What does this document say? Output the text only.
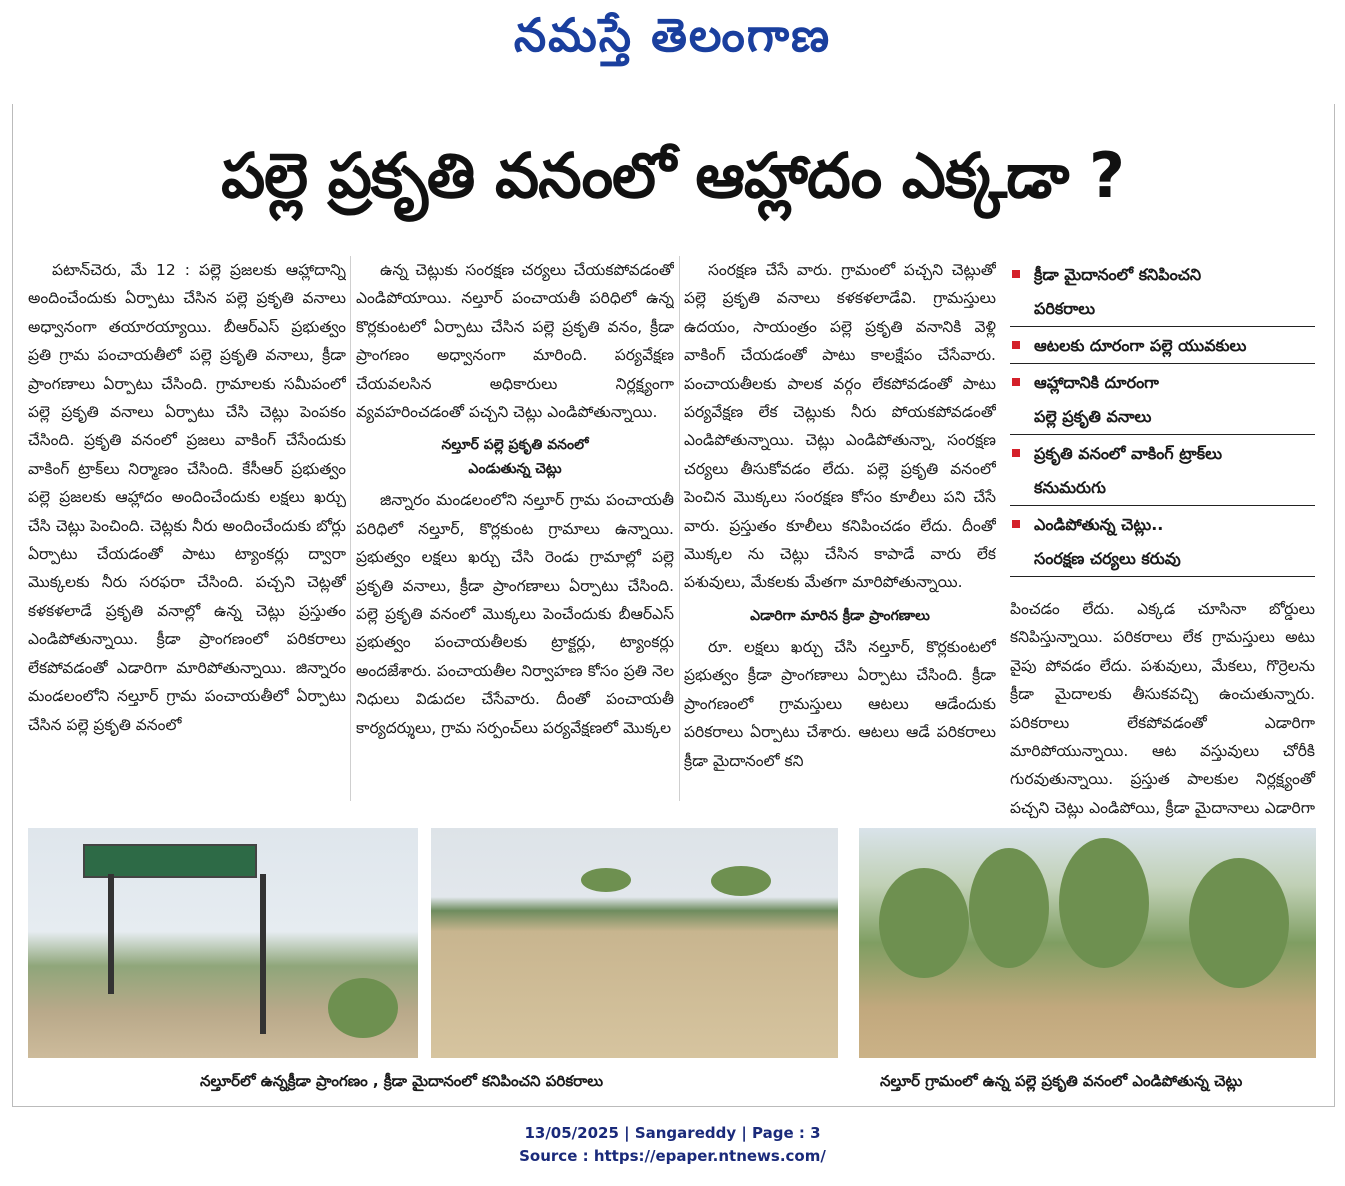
నమస్తే తెలంగాణ
పల్లె ప్రకృతి వనంలో ఆహ్లాదం ఎక్కడా ?

పటాన్‌చెరు, మే 12 : పల్లె ప్రజలకు ఆహ్లాదాన్ని అందించేందుకు ఏర్పాటు చేసిన పల్లె ప్రకృతి వనాలు అధ్వానంగా తయారయ్యాయి. బీఆర్‌ఎస్ ప్రభుత్వం ప్రతి గ్రామ పంచాయతీలో పల్లె ప్రకృతి వనాలు, క్రీడా ప్రాంగణాలు ఏర్పాటు చేసింది. గ్రామాలకు సమీపంలో పల్లె ప్రకృతి వనాలు ఏర్పాటు చేసి చెట్లు పెంపకం చేసింది. ప్రకృతి వనంలో ప్రజలు వాకింగ్ చేసేందుకు వాకింగ్ ట్రాక్‌లు నిర్మాణం చేసింది. కేసీఆర్ ప్రభుత్వం పల్లె ప్రజలకు ఆహ్లాదం అందించేందుకు లక్షలు ఖర్చు చేసి చెట్లు పెంచింది. చెట్లకు నీరు అందించేందుకు బోర్లు ఏర్పాటు చేయడంతో పాటు ట్యాంకర్లు ద్వారా మొక్కలకు నీరు సరఫరా చేసింది. పచ్చని చెట్లతో కళకళలాడే ప్రకృతి వనాల్లో ఉన్న చెట్లు ప్రస్తుతం ఎండిపోతున్నాయి. క్రీడా ప్రాంగణంలో పరికరాలు లేకపోవడంతో ఎడారిగా మారిపోతున్నాయి. జిన్నారం మండలంలోని నల్తూర్ గ్రామ పంచాయతీలో ఏర్పాటు చేసిన పల్లె ప్రకృతి వనంలో

ఉన్న చెట్లుకు సంరక్షణ చర్యలు చేయకపోవడంతో ఎండిపోయాయి. నల్తూర్ పంచాయతీ పరిధిలో ఉన్న కొర్లకుంటలో ఏర్పాటు చేసిన పల్లె ప్రకృతి వనం, క్రీడా ప్రాంగణం అధ్వానంగా మారింది. పర్యవేక్షణ చేయవలసిన అధికారులు నిర్లక్ష్యంగా వ్యవహరించడంతో పచ్చని చెట్లు ఎండిపోతున్నాయి.

నల్తూర్ పల్లె ప్రకృతి వనంలో

ఎండుతున్న చెట్లు

జిన్నారం మండలంలోని నల్తూర్ గ్రామ పంచాయతీ పరిధిలో నల్తూర్, కొర్లకుంట గ్రామాలు ఉన్నాయి. ప్రభుత్వం లక్షలు ఖర్చు చేసి రెండు గ్రామాల్లో పల్లె ప్రకృతి వనాలు, క్రీడా ప్రాంగణాలు ఏర్పాటు చేసింది. పల్లె ప్రకృతి వనంలో మొక్కలు పెంచేందుకు బీఆర్‌ఎస్ ప్రభుత్వం పంచాయతీలకు ట్రాక్టర్లు, ట్యాంకర్లు అందజేశారు. పంచాయతీల నిర్వాహణ కోసం ప్రతి నెల నిధులు విడుదల చేసేవారు. దీంతో పంచాయతీ కార్యదర్శులు, గ్రామ సర్పంచ్‌లు పర్యవేక్షణలో మొక్కల

సంరక్షణ చేసే వారు. గ్రామంలో పచ్చని చెట్లుతో పల్లె ప్రకృతి వనాలు కళకళలాడేవి. గ్రామస్తులు ఉదయం, సాయంత్రం పల్లె ప్రకృతి వనానికి వెళ్లి వాకింగ్ చేయడంతో పాటు కాలక్షేపం చేసేవారు. పంచాయతీలకు పాలక వర్గం లేకపోవడంతో పాటు పర్యవేక్షణ లేక చెట్లుకు నీరు పోయకపోవడంతో ఎండిపోతున్నాయి. చెట్లు ఎండిపోతున్నా, సంరక్షణ చర్యలు తీసుకోవడం లేదు. పల్లె ప్రకృతి వనంలో పెంచిన మొక్కలు సంరక్షణ కోసం కూలీలు పని చేసే వారు. ప్రస్తుతం కూలీలు కనిపించడం లేదు. దీంతో మొక్కల ను చెట్లు చేసిన కాపాడే వారు లేక పశువులు, మేకలకు మేతగా మారిపోతున్నాయి.

ఎడారిగా మారిన క్రీడా ప్రాంగణాలు

రూ. లక్షలు ఖర్చు చేసి నల్తూర్, కొర్లకుంటలో ప్రభుత్వం క్రీడా ప్రాంగణాలు ఏర్పాటు చేసింది. క్రీడా ప్రాంగణంలో గ్రామస్తులు ఆటలు ఆడేందుకు పరికరాలు ఏర్పాటు చేశారు. ఆటలు ఆడే పరికరాలు క్రీడా మైదానంలో కని

క్రీడా మైదానంలో కనిపించని
పరికరాలు
ఆటలకు దూరంగా పల్లె యువకులు
ఆహ్లాదానికి దూరంగా
పల్లె ప్రకృతి వనాలు
ప్రకృతి వనంలో వాకింగ్ ట్రాక్‌లు
కనుమరుగు
ఎండిపోతున్న చెట్లు..
సంరక్షణ చర్యలు కరువు

పించడం లేదు. ఎక్కడ చూసినా బోర్డులు కనిపిస్తున్నాయి. పరికరాలు లేక గ్రామస్తులు అటు వైపు పోవడం లేదు. పశువులు, మేకలు, గొర్రెలను క్రీడా మైదాలకు తీసుకవచ్చి ఉంచుతున్నారు. పరికరాలు లేకపోవడంతో ఎడారిగా మారిపోయున్నాయి. ఆట వస్తువులు చోరీకి గురవుతున్నాయి. ప్రస్తుత పాలకుల నిర్లక్ష్యంతో పచ్చని చెట్లు ఎండిపోయి, క్రీడా మైదానాలు ఎడారిగా

నల్తూర్‌లో ఉన్నక్రీడా ప్రాంగణం , క్రీడా మైదానంలో కనిపించని పరికరాలు	నల్తూర్ గ్రామంలో ఉన్న పల్లె ప్రకృతి వనంలో ఎండిపోతున్న చెట్లు
13/05/2025 | Sangareddy | Page : 3
Source : https://epaper.ntnews.com/
